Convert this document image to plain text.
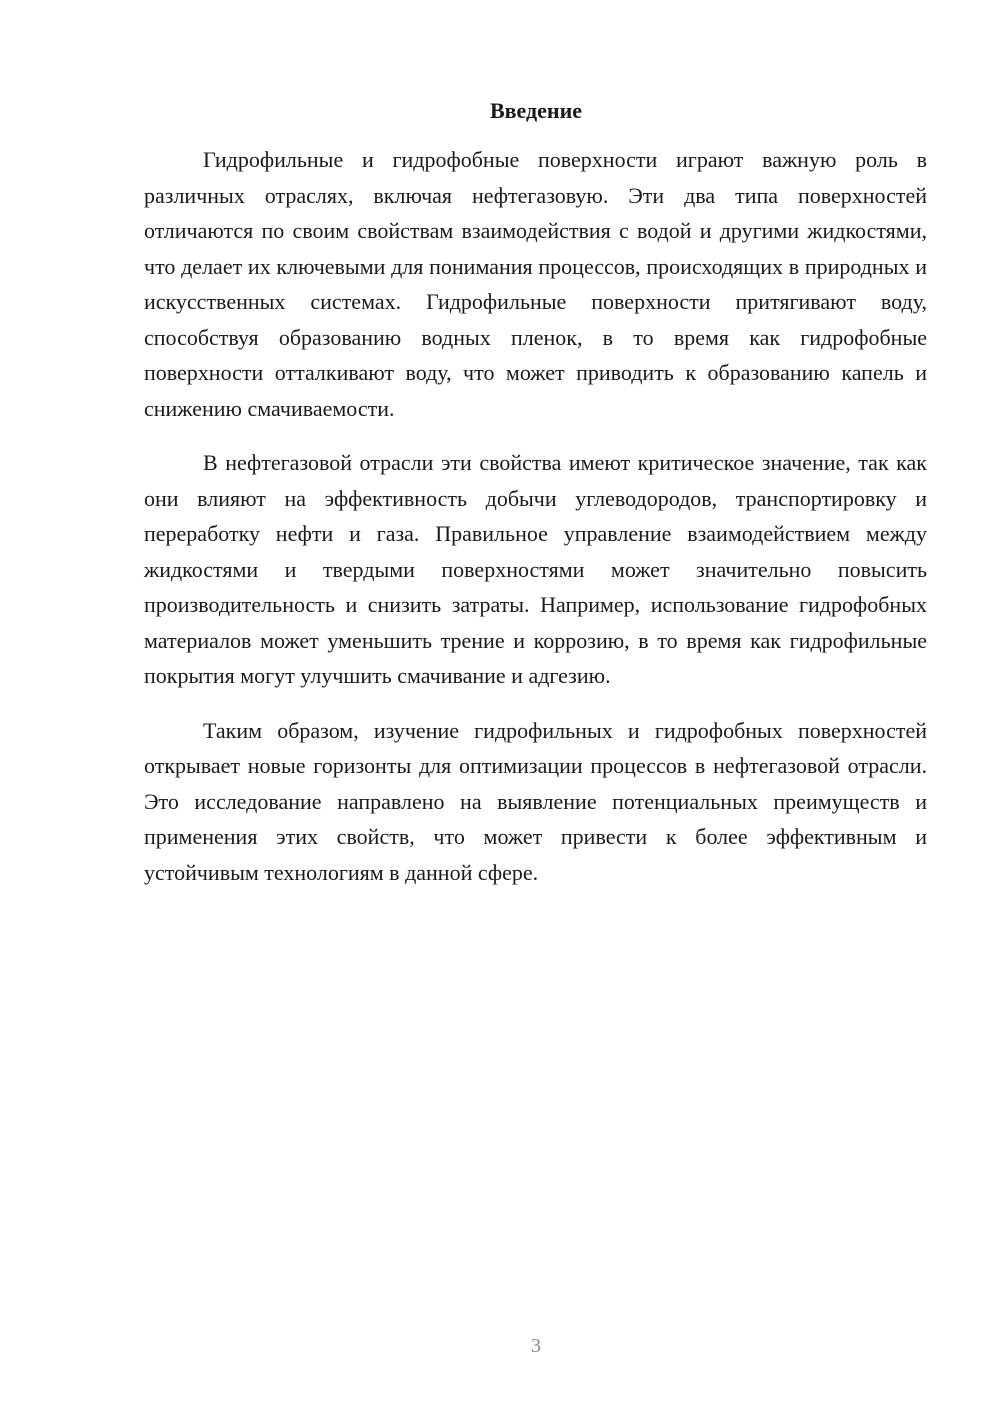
Введение

Гидрофильные и гидрофобные поверхности играют важную роль в различных отраслях, включая нефтегазовую. Эти два типа поверхностей отличаются по своим свойствам взаимодействия с водой и другими жидкостями, что делает их ключевыми для понимания процессов, происходящих в природных и искусственных системах. Гидрофильные поверхности притягивают воду, способствуя образованию водных пленок, в то время как гидрофобные поверхности отталкивают воду, что может приводить к образованию капель и снижению смачиваемости.

В нефтегазовой отрасли эти свойства имеют критическое значение, так как они влияют на эффективность добычи углеводородов, транспортировку и переработку нефти и газа. Правильное управление взаимодействием между жидкостями и твердыми поверхностями может значительно повысить производительность и снизить затраты. Например, использование гидрофобных материалов может уменьшить трение и коррозию, в то время как гидрофильные покрытия могут улучшить смачивание и адгезию.

Таким образом, изучение гидрофильных и гидрофобных поверхностей открывает новые горизонты для оптимизации процессов в нефтегазовой отрасли. Это исследование направлено на выявление потенциальных преимуществ и применения этих свойств, что может привести к более эффективным и устойчивым технологиям в данной сфере.

3
